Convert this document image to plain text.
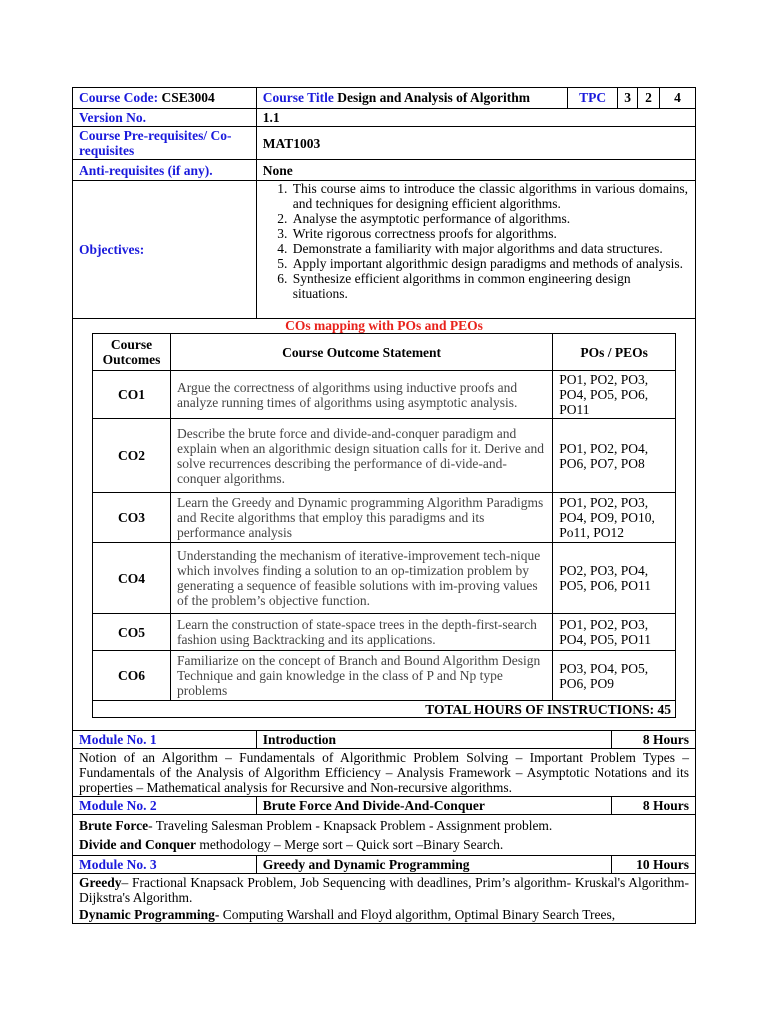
Course Code: CSE3004	Course Title Design and Analysis of Algorithm	TPC	3	2	4
Version No.	1.1
Course Pre-requisites/ Co-requisites	MAT1003
Anti-requisites (if any).	None
Objectives:	
1. This course aims to introduce the classic algorithms in various domains, and techniques for designing efficient algorithms.
2. Analyse the asymptotic performance of algorithms.
3. Write rigorous correctness proofs for algorithms.
4. Demonstrate a familiarity with major algorithms and data structures.
5. Apply important algorithmic design paradigms and methods of analysis.
6. Synthesize efficient algorithms in common engineering design situations.

COs mapping with POs and PEOs
Course Outcomes	Course Outcome Statement	POs / PEOs
CO1	Argue the correctness of algorithms using inductive proofs and analyze running times of algorithms using asymptotic analysis.	PO1, PO2, PO3, PO4, PO5, PO6, PO11
CO2	Describe the brute force and divide-and-conquer paradigm and explain when an algorithmic design situation calls for it. Derive and solve recurrences describing the performance of di-vide-and-conquer algorithms.	PO1, PO2, PO4, PO6, PO7, PO8
CO3	Learn the Greedy and Dynamic programming Algorithm Paradigms and Recite algorithms that employ this paradigms and its performance analysis	PO1, PO2, PO3, PO4, PO9, PO10, Po11, PO12
CO4	Understanding the mechanism of iterative-improvement tech-nique which involves finding a solution to an op-timization problem by generating a sequence of feasible solutions with im-proving values of the problem’s objective function.	PO2, PO3, PO4, PO5, PO6, PO11
CO5	Learn the construction of state-space trees in the depth-first-search fashion using Backtracking and its applications.	PO1, PO2, PO3, PO4, PO5, PO11
CO6	Familiarize on the concept of Branch and Bound Algorithm Design Technique and gain knowledge in the class of P and Np type problems	PO3, PO4, PO5, PO6, PO9
TOTAL HOURS OF INSTRUCTIONS: 45
Module No. 1	Introduction	8 Hours
Notion of an Algorithm – Fundamentals of Algorithmic Problem Solving – Important Problem Types – Fundamentals of the Analysis of Algorithm Efficiency – Analysis Framework – Asymptotic Notations and its properties – Mathematical analysis for Recursive and Non-recursive algorithms.		
Module No. 2	Brute Force And Divide-And-Conquer	8 Hours

Brute Force- Traveling Salesman Problem - Knapsack Problem - Assignment problem.
Divide and Conquer methodology – Merge sort – Quick sort –Binary Search.		

Module No. 3	Greedy and Dynamic Programming	10 Hours

Greedy– Fractional Knapsack Problem, Job Sequencing with deadlines, Prim’s algorithm- Kruskal's Algorithm-Dijkstra's Algorithm.
Dynamic Programming- Computing Warshall and Floyd algorithm, Optimal Binary Search Trees,		
